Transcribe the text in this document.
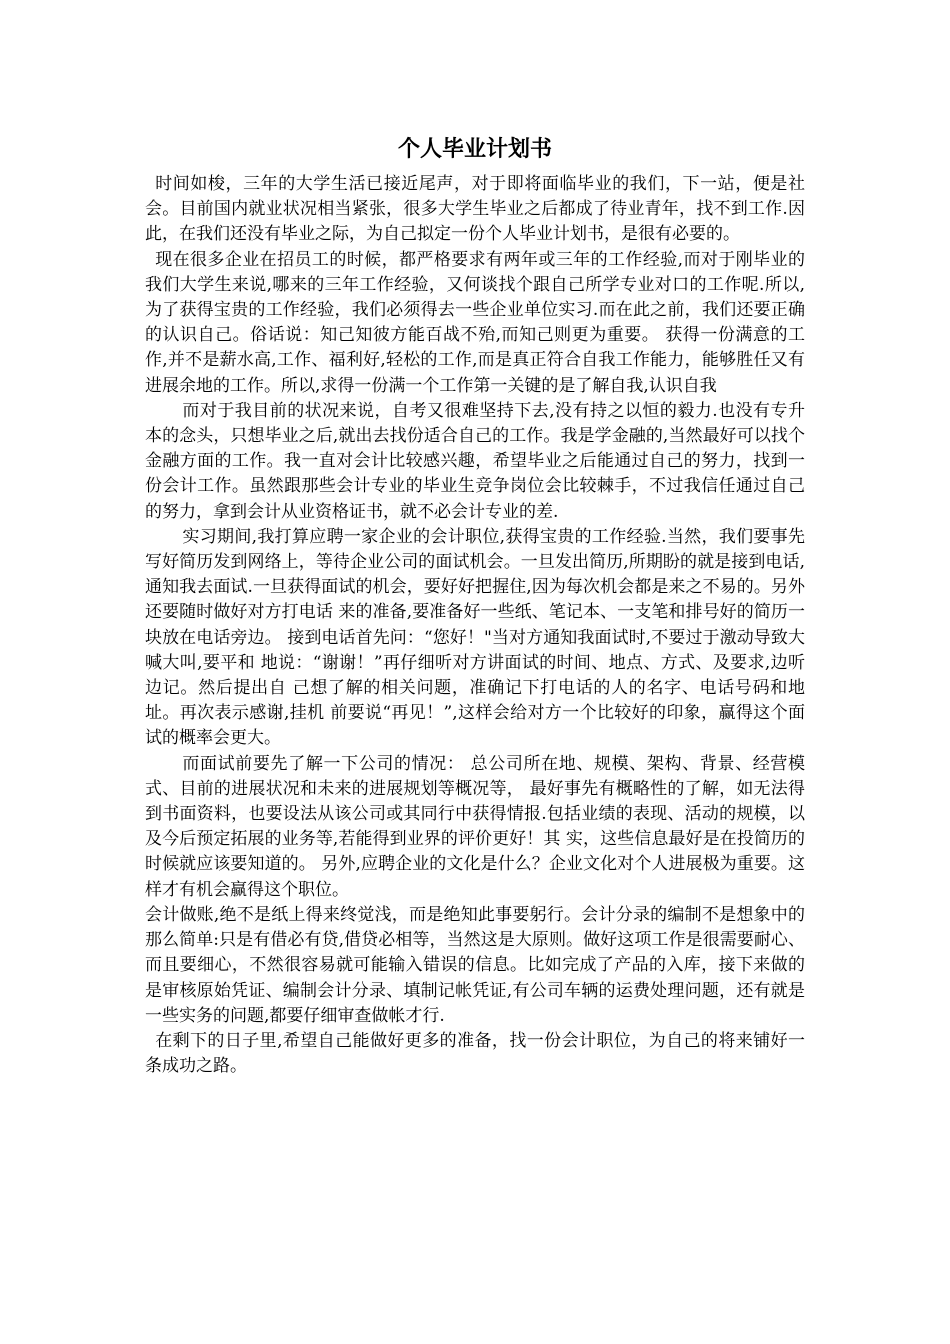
个人毕业计划书

时间如梭，三年的大学生活已接近尾声，对于即将面临毕业的我们，下一站，便是社会。目前国内就业状况相当紧张，很多大学生毕业之后都成了待业青年，找不到工作.因此，在我们还没有毕业之际，为自己拟定一份个人毕业计划书，是很有必要的。

现在很多企业在招员工的时候，都严格要求有两年或三年的工作经验,而对于刚毕业的我们大学生来说,哪来的三年工作经验，又何谈找个跟自己所学专业对口的工作呢.所以,为了获得宝贵的工作经验，我们必须得去一些企业单位实习.而在此之前，我们还要正确的认识自己。俗话说：知己知彼方能百战不殆,而知己则更为重要。 获得一份满意的工作,并不是薪水高,工作、福利好,轻松的工作,而是真正符合自我工作能力，能够胜任又有进展余地的工作。所以,求得一份满一个工作第一关键的是了解自我,认识自我

而对于我目前的状况来说，自考又很难坚持下去,没有持之以恒的毅力.也没有专升本的念头，只想毕业之后,就出去找份适合自己的工作。我是学金融的,当然最好可以找个金融方面的工作。我一直对会计比较感兴趣，希望毕业之后能通过自己的努力，找到一份会计工作。虽然跟那些会计专业的毕业生竞争岗位会比较棘手，不过我信任通过自己的努力，拿到会计从业资格证书，就不必会计专业的差.

实习期间,我打算应聘一家企业的会计职位,获得宝贵的工作经验.当然，我们要事先写好简历发到网络上，等待企业公司的面试机会。一旦发出简历,所期盼的就是接到电话,通知我去面试.一旦获得面试的机会，要好好把握住,因为每次机会都是来之不易的。另外还要随时做好对方打电话 来的准备,要准备好一些纸、笔记本、一支笔和排号好的简历一块放在电话旁边。 接到电话首先问：“您好！"当对方通知我面试时,不要过于激动导致大喊大叫,要平和 地说：“谢谢！”再仔细听对方讲面试的时间、地点、方式、及要求,边听边记。然后提出自 己想了解的相关问题，准确记下打电话的人的名字、电话号码和地址。再次表示感谢,挂机 前要说“再见！”,这样会给对方一个比较好的印象，赢得这个面试的概率会更大。

而面试前要先了解一下公司的情况： 总公司所在地、规模、架构、背景、经营模式、目前的进展状况和未来的进展规划等概况等， 最好事先有概略性的了解，如无法得到书面资料，也要设法从该公司或其同行中获得情报.包括业绩的表现、活动的规模，以及今后预定拓展的业务等,若能得到业界的评价更好！其 实，这些信息最好是在投简历的时候就应该要知道的。 另外,应聘企业的文化是什么？企业文化对个人进展极为重要。这样才有机会赢得这个职位。

会计做账,绝不是纸上得来终觉浅，而是绝知此事要躬行。会计分录的编制不是想象中的那么简单:只是有借必有贷,借贷必相等，当然这是大原则。做好这项工作是很需要耐心、而且要细心，不然很容易就可能输入错误的信息。比如完成了产品的入库，接下来做的是审核原始凭证、编制会计分录、填制记帐凭证,有公司车辆的运费处理问题，还有就是一些实务的问题,都要仔细审查做帐才行.

在剩下的日子里,希望自己能做好更多的准备，找一份会计职位，为自己的将来铺好一条成功之路。
